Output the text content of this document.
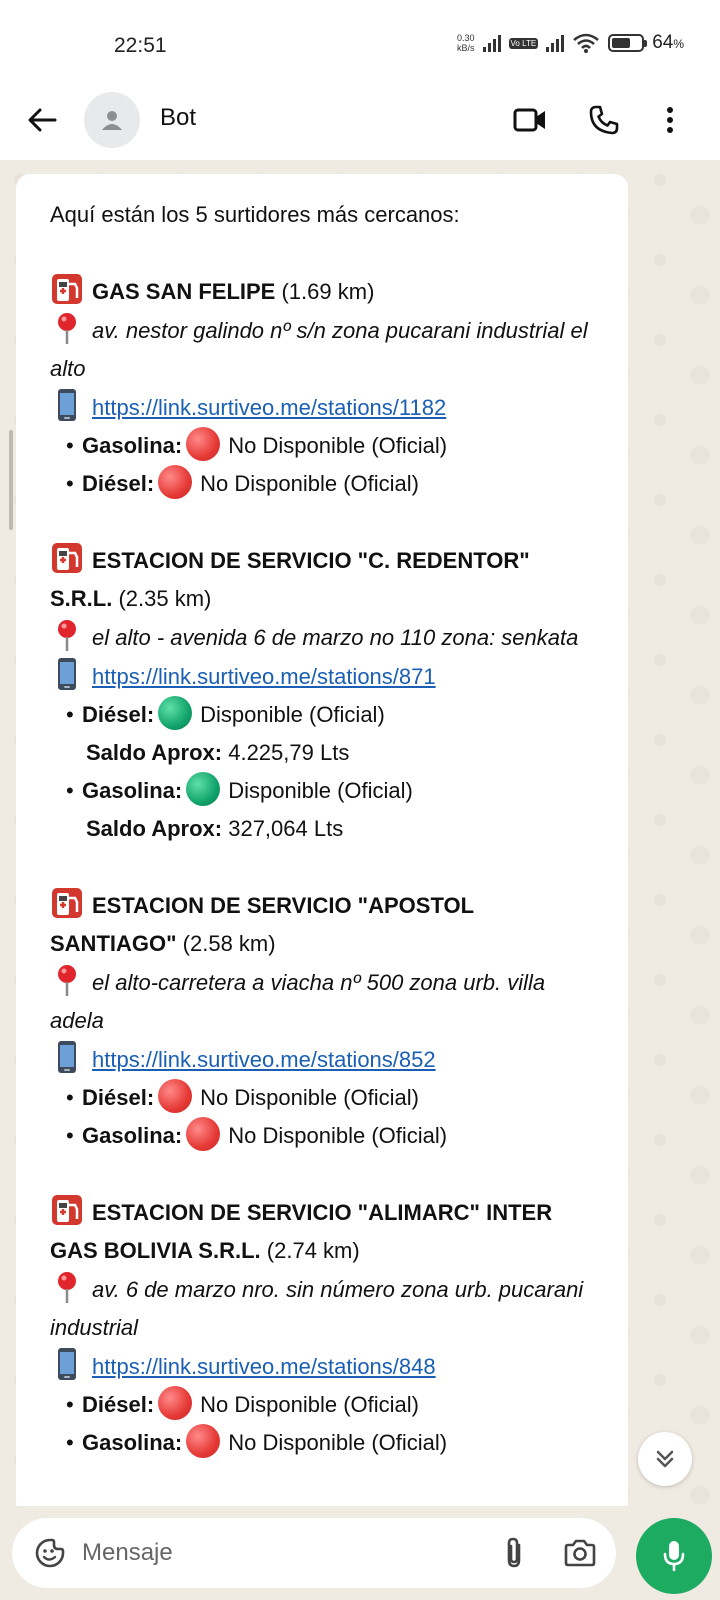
22:51	0.30
kB/s	Vo LTE	64%
Bot
Aquí están los 5 surtidores más cercanos:
GAS SAN FELIPE (1.69 km)
av. nestor galindo nº s/n zona pucarani industrial el alto
https://link.surtiveo.me/stations/1182
• Gasolina: No Disponible (Oficial)
• Diésel: No Disponible (Oficial)
ESTACION DE SERVICIO "C. REDENTOR" S.R.L. (2.35 km)
el alto - avenida 6 de marzo no 110 zona: senkata
https://link.surtiveo.me/stations/871
• Diésel: Disponible (Oficial)
Saldo Aprox: 4.225,79 Lts
• Gasolina: Disponible (Oficial)
Saldo Aprox: 327,064 Lts
ESTACION DE SERVICIO "APOSTOL SANTIAGO" (2.58 km)
el alto-carretera a viacha nº 500 zona urb. villa adela
https://link.surtiveo.me/stations/852
• Diésel: No Disponible (Oficial)
• Gasolina: No Disponible (Oficial)
ESTACION DE SERVICIO "ALIMARC" INTER GAS BOLIVIA S.R.L. (2.74 km)
av. 6 de marzo nro. sin número zona urb. pucarani industrial
https://link.surtiveo.me/stations/848
• Diésel: No Disponible (Oficial)
• Gasolina: No Disponible (Oficial)
Mensaje
